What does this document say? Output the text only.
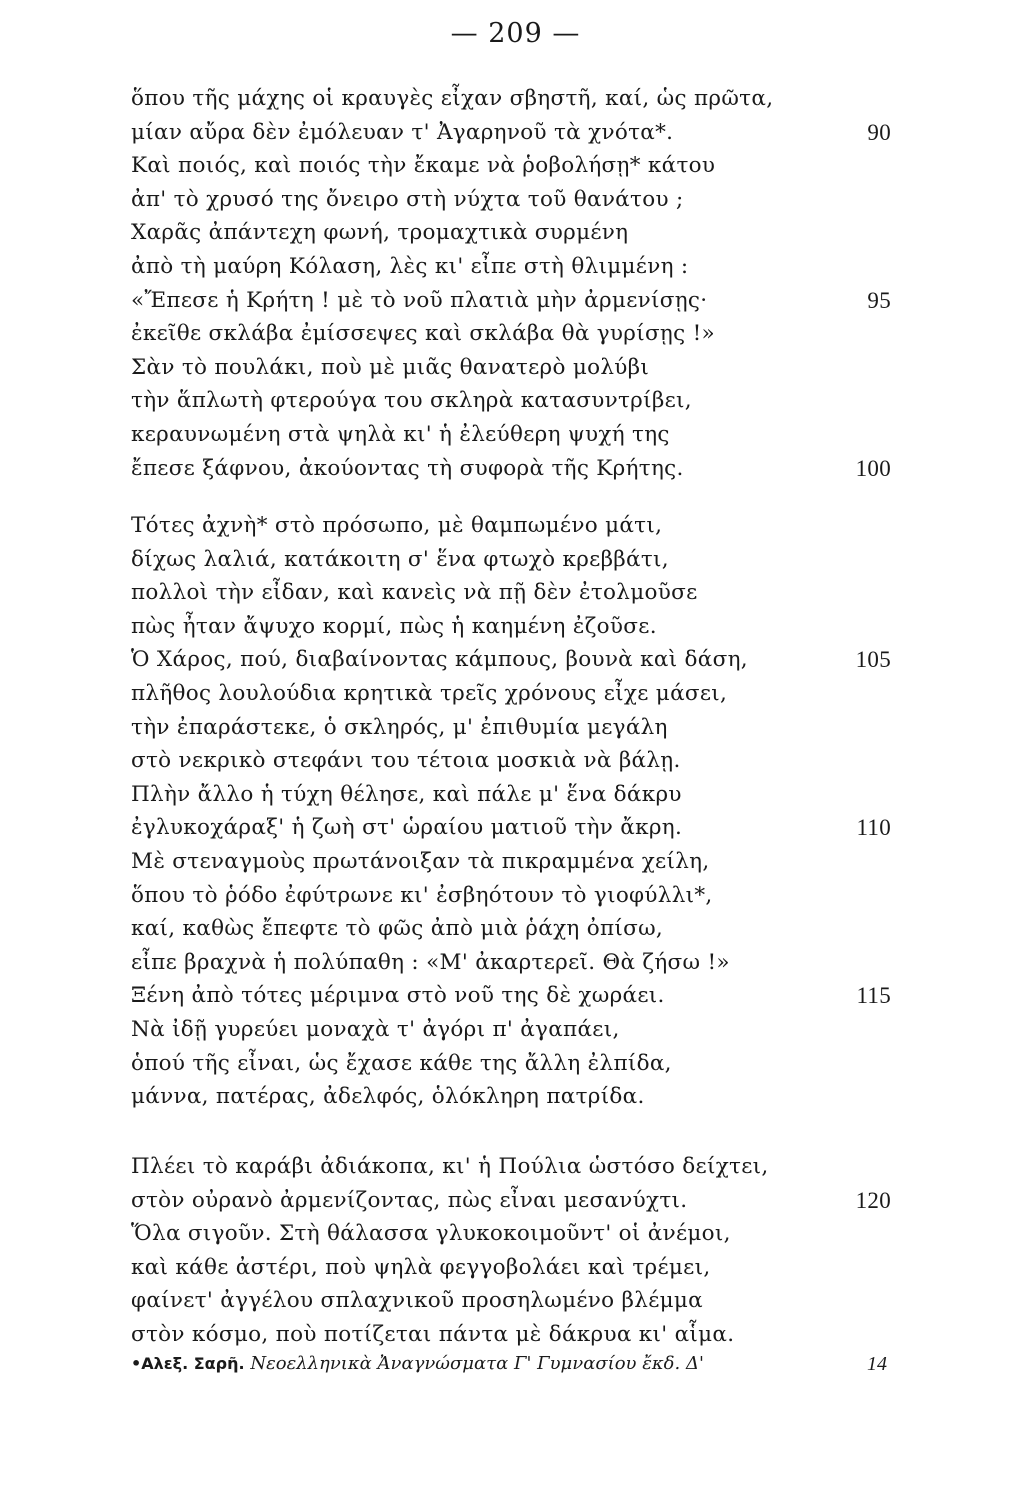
— 209 —
ὅπου τῆς μάχης οἱ κραυγὲς εἶχαν σβηστῆ, καί, ὡς πρῶτα,
μίαν αὔρα δὲν ἐμόλευαν τ' Ἀγαρηνοῦ τὰ χνότα*.	90
Καὶ ποιός, καὶ ποιός τὴν ἔκαμε νὰ ῥοβολήσῃ* κάτου
ἀπ' τὸ χρυσό της ὄνειρο στὴ νύχτα τοῦ θανάτου ;
Χαρᾶς ἀπάντεχη φωνή, τρομαχτικὰ συρμένη
ἀπὸ τὴ μαύρη Κόλαση, λὲς κι' εἶπε στὴ θλιμμένη :
«Ἔπεσε ἡ Κρήτη ! μὲ τὸ νοῦ πλατιὰ μὴν ἀρμενίσῃς·	95
ἐκεῖθε σκλάβα ἐμίσσεψες καὶ σκλάβα θὰ γυρίσῃς !»
Σὰν τὸ πουλάκι, ποὺ μὲ μιᾶς θανατερὸ μολύβι
τὴν ἅπλωτὴ φτερούγα του σκληρὰ κατασυντρίβει,
κεραυνωμένη στὰ ψηλὰ κι' ἡ ἐλεύθερη ψυχή της
ἔπεσε ξάφνου, ἀκούοντας τὴ συφορὰ τῆς Κρήτης.	100
Τότες ἀχνὴ* στὸ πρόσωπο, μὲ θαμπωμένο μάτι,
δίχως λαλιά, κατάκοιτη σ' ἕνα φτωχὸ κρεββάτι,
πολλοὶ τὴν εἶδαν, καὶ κανεὶς νὰ πῇ δὲν ἐτολμοῦσε
πὼς ἦταν ἄψυχο κορμί, πὼς ἡ καημένη ἐζοῦσε.
Ὁ Χάρος, πού, διαβαίνοντας κάμπους, βουνὰ καὶ δάση,	105
πλῆθος λουλούδια κρητικὰ τρεῖς χρόνους εἶχε μάσει,
τὴν ἐπαράστεκε, ὁ σκληρός, μ' ἐπιθυμία μεγάλη
στὸ νεκρικὸ στεφάνι του τέτοια μοσκιὰ νὰ βάλῃ.
Πλὴν ἄλλο ἡ τύχη θέλησε, καὶ πάλε μ' ἕνα δάκρυ
ἐγλυκοχάραξ' ἡ ζωὴ στ' ὡραίου ματιοῦ τὴν ἄκρη.	110
Μὲ στεναγμοὺς πρωτάνοιξαν τὰ πικραμμένα χείλη,
ὅπου τὸ ῥόδο ἐφύτρωνε κι' ἐσβηότουν τὸ γιοφύλλι*,
καί, καθὼς ἔπεφτε τὸ φῶς ἀπὸ μιὰ ῥάχη ὀπίσω,
εἶπε βραχνὰ ἡ πολύπαθη : «Μ' ἀκαρτερεῖ. Θὰ ζήσω !»
Ξένη ἀπὸ τότες μέριμνα στὸ νοῦ της δὲ χωράει.	115
Νὰ ἰδῇ γυρεύει μοναχὰ τ' ἀγόρι π' ἀγαπάει,
ὁπού τῆς εἶναι, ὡς ἔχασε κάθε της ἄλλη ἐλπίδα,
μάννα, πατέρας, ἀδελφός, ὁλόκληρη πατρίδα.
Πλέει τὸ καράβι ἀδιάκοπα, κι' ἡ Πούλια ὡστόσο δείχτει,
στὸν οὐρανὸ ἀρμενίζοντας, πὼς εἶναι μεσανύχτι.	120
Ὅλα σιγοῦν. Στὴ θάλασσα γλυκοκοιμοῦντ' οἱ ἀνέμοι,
καὶ κάθε ἀστέρι, ποὺ ψηλὰ φεγγοβολάει καὶ τρέμει,
φαίνετ' ἀγγέλου σπλαχνικοῦ προσηλωμένο βλέμμα
στὸν κόσμο, ποὺ ποτίζεται πάντα μὲ δάκρυα κι' αἷμα.
•Αλεξ. Σαρῆ. Νεοελληνικὰ Ἀναγνώσματα Γ' Γυμνασίου ἔκδ. Δ'	14
